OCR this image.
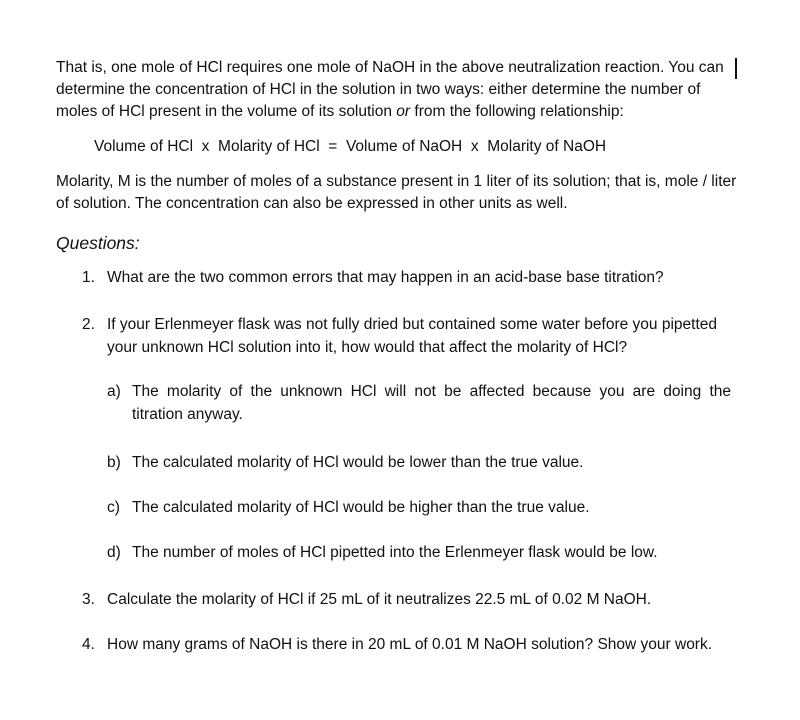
That is, one mole of HCl requires one mole of NaOH in the above neutralization reaction. You can determine the concentration of HCl in the solution in two ways: either determine the number of moles of HCl present in the volume of its solution or from the following relationship:

Volume of HCl  x  Molarity of HCl  =  Volume of NaOH  x  Molarity of NaOH

Molarity, M is the number of moles of a substance present in 1 liter of its solution; that is, mole / liter of solution. The concentration can also be expressed in other units as well.

Questions:
1. What are the two common errors that may happen in an acid-base base titration?
2. If your Erlenmeyer flask was not fully dried but contained some water before you pipetted your unknown HCl solution into it, how would that affect the molarity of HCl?
a) The molarity of the unknown HCl will not be affected because you are doing the titration anyway.
b) The calculated molarity of HCl would be lower than the true value.
c) The calculated molarity of HCl would be higher than the true value.
d) The number of moles of HCl pipetted into the Erlenmeyer flask would be low.
3. Calculate the molarity of HCl if 25 mL of it neutralizes 22.5 mL of 0.02 M NaOH.
4. How many grams of NaOH is there in 20 mL of 0.01 M NaOH solution? Show your work.
